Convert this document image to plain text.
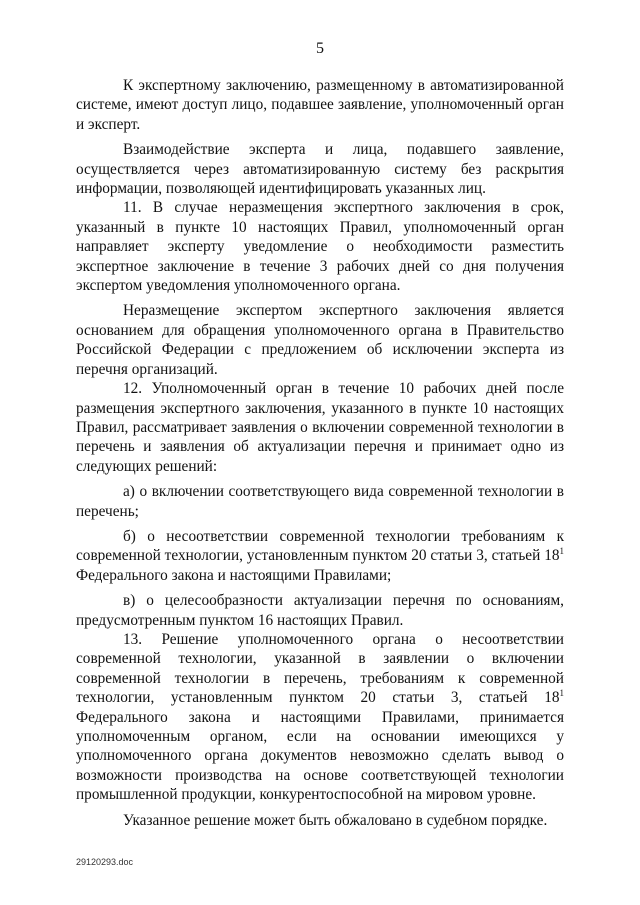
5

К экспертному заключению, размещенному в автоматизированной системе, имеют доступ лицо, подавшее заявление, уполномоченный орган и эксперт.

Взаимодействие эксперта и лица, подавшего заявление, осуществляется через автоматизированную систему без раскрытия информации, позволяющей идентифицировать указанных лиц.

11. В случае неразмещения экспертного заключения в срок, указанный в пункте 10 настоящих Правил, уполномоченный орган направляет эксперту уведомление о необходимости разместить экспертное заключение в течение 3 рабочих дней со дня получения экспертом уведомления уполномоченного органа.

Неразмещение экспертом экспертного заключения является основанием для обращения уполномоченного органа в Правительство Российской Федерации с предложением об исключении эксперта из перечня организаций.

12. Уполномоченный орган в течение 10 рабочих дней после размещения экспертного заключения, указанного в пункте 10 настоящих Правил, рассматривает заявления о включении современной технологии в перечень и заявления об актуализации перечня и принимает одно из следующих решений:

а) о включении соответствующего вида современной технологии в перечень;

б) о несоответствии современной технологии требованиям к современной технологии, установленным пунктом 20 статьи 3, статьей $18^1$ Федерального закона и настоящими Правилами;

в) о целесообразности актуализации перечня по основаниям, предусмотренным пунктом 16 настоящих Правил.

13. Решение уполномоченного органа о несоответствии современной технологии, указанной в заявлении о включении современной технологии в перечень, требованиям к современной технологии, установленным пунктом 20 статьи 3, статьей $18^1$ Федерального закона и настоящими Правилами, принимается уполномоченным органом, если на основании имеющихся у уполномоченного органа документов невозможно сделать вывод о возможности производства на основе соответствующей технологии промышленной продукции, конкурентоспособной на мировом уровне.

Указанное решение может быть обжаловано в судебном порядке.

29120293.doc
